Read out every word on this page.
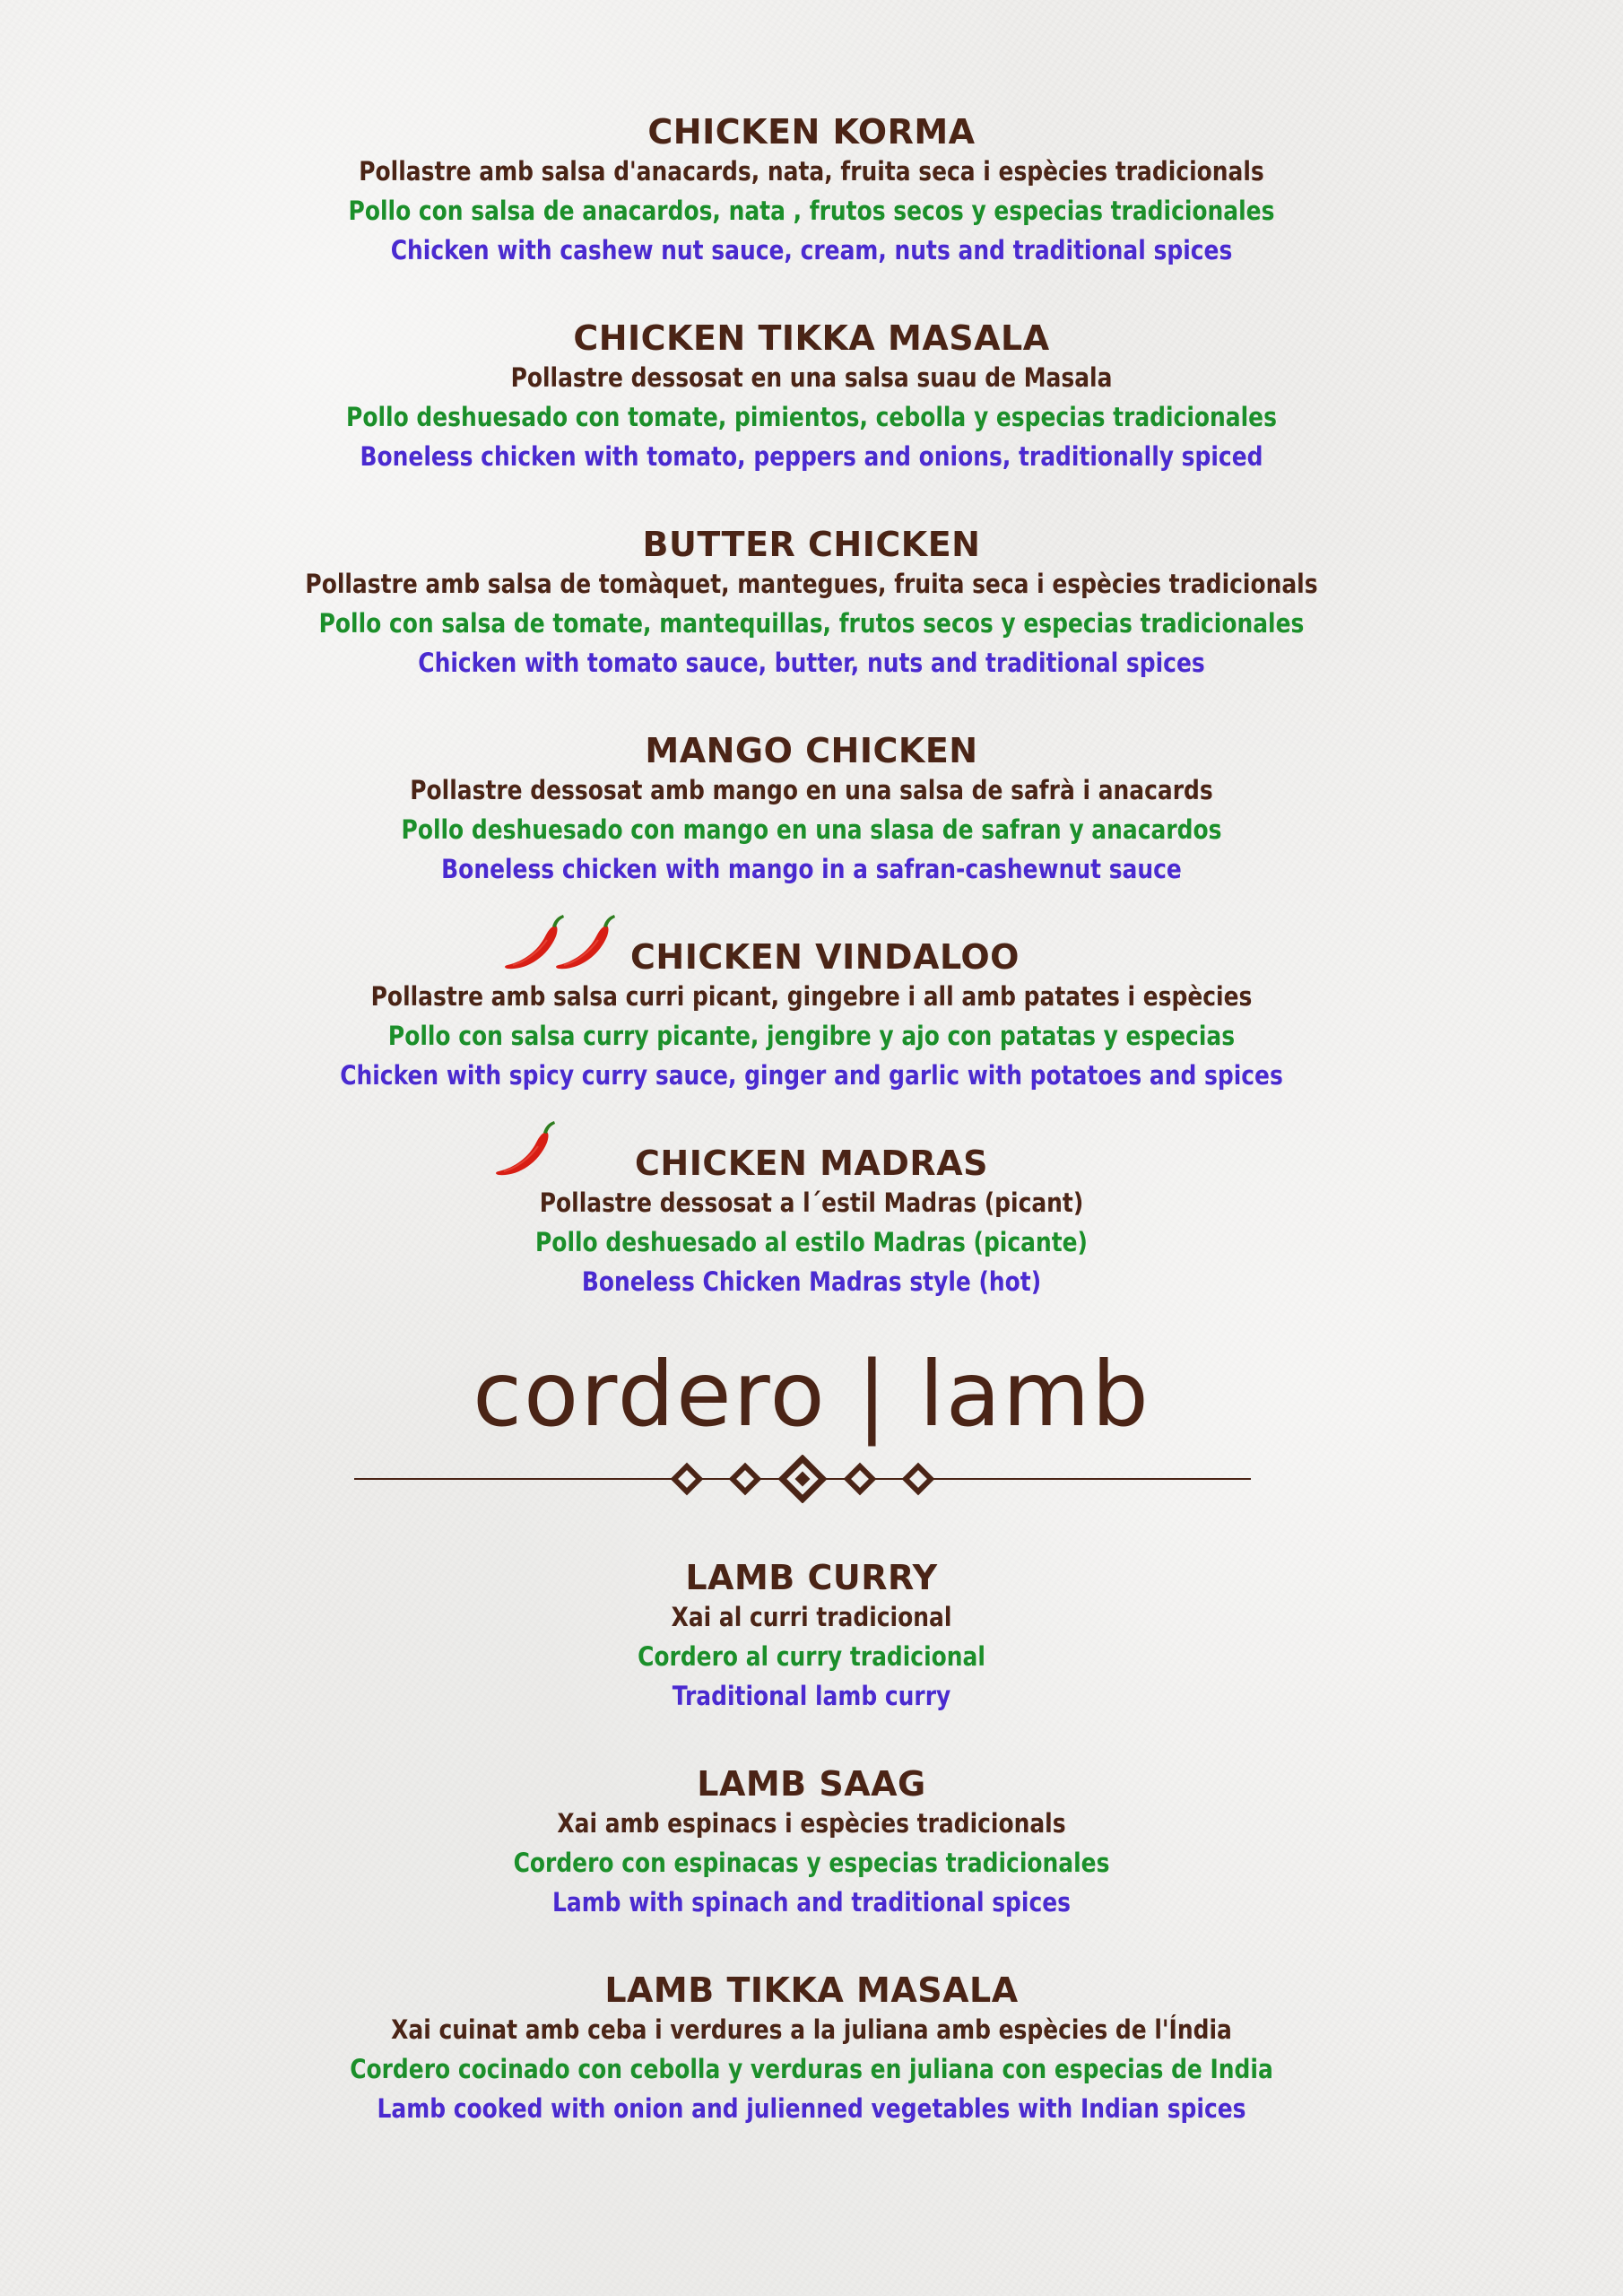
CHICKEN KORMA
Pollastre amb salsa d'anacards, nata, fruita seca i espècies tradicionals
Pollo con salsa de anacardos, nata , frutos secos y especias tradicionales
Chicken with cashew nut sauce, cream, nuts and traditional spices
CHICKEN TIKKA MASALA
Pollastre dessosat en una salsa suau de Masala
Pollo deshuesado con tomate, pimientos, cebolla y especias tradicionales
Boneless chicken with tomato, peppers and onions, traditionally spiced
BUTTER CHICKEN
Pollastre amb salsa de tomàquet, mantegues, fruita seca i espècies tradicionals
Pollo con salsa de tomate, mantequillas, frutos secos y especias tradicionales
Chicken with tomato sauce, butter, nuts and traditional spices
MANGO CHICKEN
Pollastre dessosat amb mango en una salsa de safrà i anacards
Pollo deshuesado con mango en una slasa de safran y anacardos
Boneless chicken with mango in a safran-cashewnut sauce
CHICKEN VINDALOO
Pollastre amb salsa curri picant, gingebre i all amb patates i espècies
Pollo con salsa curry picante, jengibre y ajo con patatas y especias
Chicken with spicy curry sauce, ginger and garlic with potatoes and spices
CHICKEN MADRAS
Pollastre dessosat a l´estil Madras (picant)
Pollo deshuesado al estilo Madras (picante)
Boneless Chicken Madras style (hot)
cordero | lamb
LAMB CURRY
Xai al curri tradicional
Cordero al curry tradicional
Traditional lamb curry
LAMB SAAG
Xai amb espinacs i espècies tradicionals
Cordero con espinacas y especias tradicionales
Lamb with spinach and traditional spices
LAMB TIKKA MASALA
Xai cuinat amb ceba i verdures a la juliana amb espècies de l'Índia
Cordero cocinado con cebolla y verduras en juliana con especias de India
Lamb cooked with onion and julienned vegetables with Indian spices
